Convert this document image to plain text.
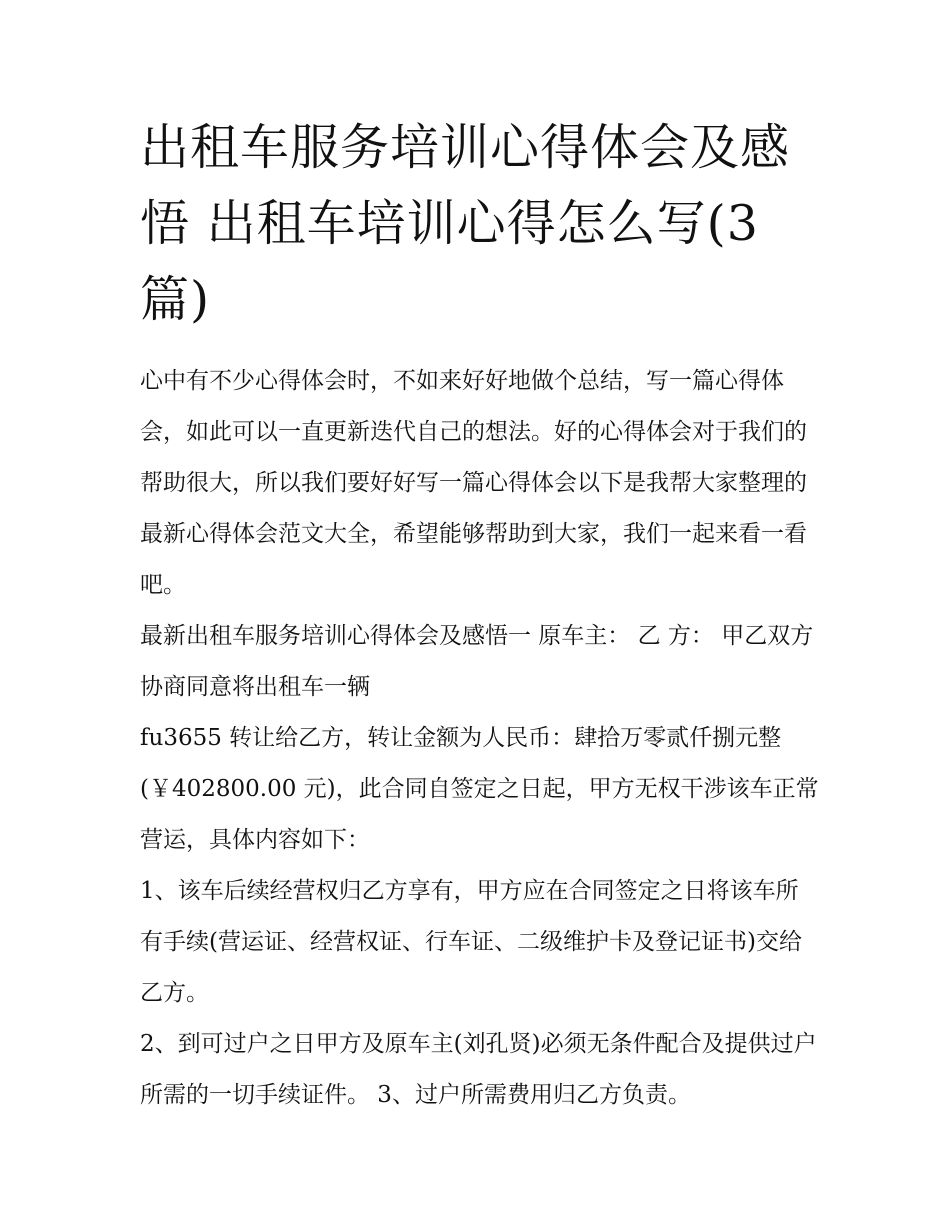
出租车服务培训心得体会及感悟 出租车培训心得怎么写(3篇)

心中有不少心得体会时，不如来好好地做个总结，写一篇心得体会，如此可以一直更新迭代自己的想法。好的心得体会对于我们的帮助很大，所以我们要好好写一篇心得体会以下是我帮大家整理的最新心得体会范文大全，希望能够帮助到大家，我们一起来看一看吧。

最新出租车服务培训心得体会及感悟一 原车主： 乙 方： 甲乙双方协商同意将出租车一辆

fu3655 转让给乙方，转让金额为人民币：肆拾万零贰仟捌元整(￥402800.00 元)，此合同自签定之日起，甲方无权干涉该车正常营运，具体内容如下：

1、该车后续经营权归乙方享有，甲方应在合同签定之日将该车所有手续(营运证、经营权证、行车证、二级维护卡及登记证书)交给乙方。

2、到可过户之日甲方及原车主(刘孔贤)必须无条件配合及提供过户所需的一切手续证件。 3、过户所需费用归乙方负责。
